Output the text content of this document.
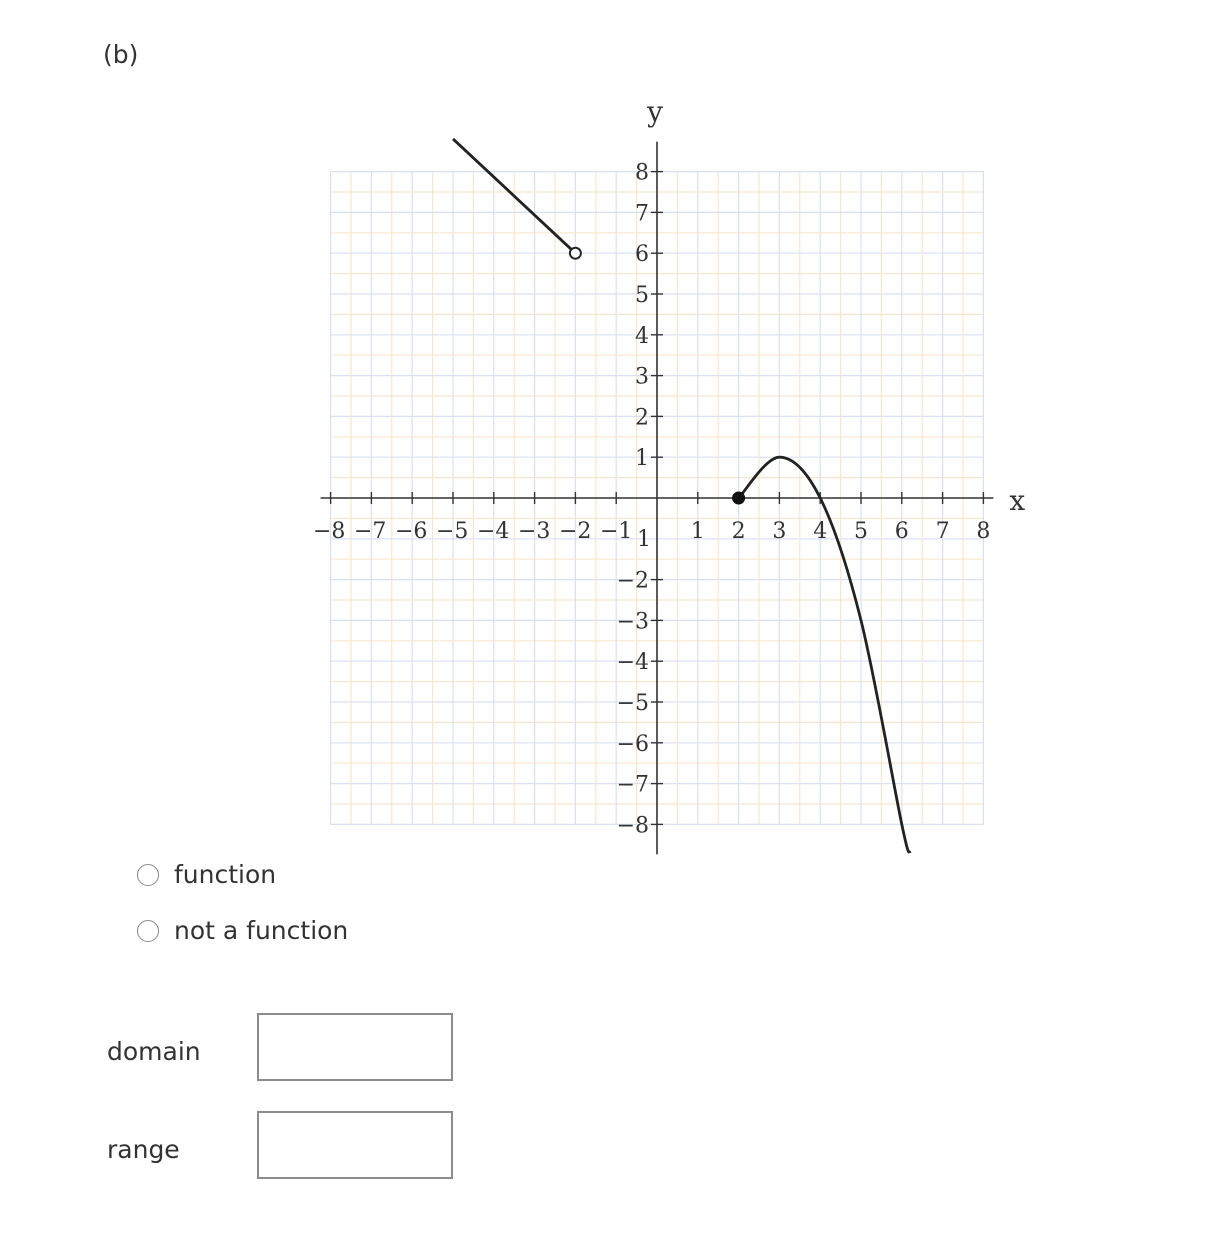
(b)
−8 −7 −6 −5 −4 −3 −2 −1 1 1 2 3 4 5 6 7 8
8
7
6
5
4
3
2
1
−2
−3
−4
−5
−6
−7
−8
x
y
function
not a function
domain
range
